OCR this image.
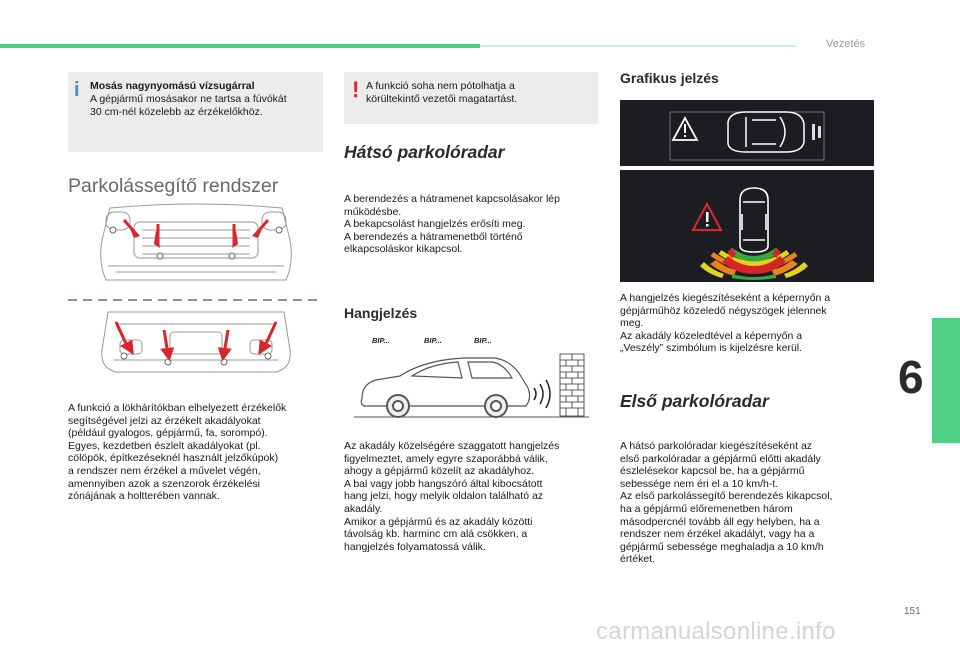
Vezetés
6
i Mosás nagynyomású vízsugárral
A gépjármű mosásakor ne tartsa a fúvókát
30 cm-nél közelebb az érzékelőkhöz.
Parkolássegítő rendszer
A funkció a lökhárítókban elhelyezett érzékelők
segítségével jelzi az érzékelt akadályokat
(például gyalogos, gépjármű, fa, sorompó).
Egyes, kezdetben észlelt akadályokat (pl.
cölöpök, építkezéseknél használt jelzőkúpok)
a rendszer nem érzékel a művelet végén,
amennyiben azok a szenzorok érzékelési
zónájának a holtterében vannak.
! A funkció soha nem pótolhatja a
körültekintő vezetői magatartást.
Hátsó parkolóradar
A berendezés a hátramenet kapcsolásakor lép
működésbe.
A bekapcsolást hangjelzés erősíti meg.
A berendezés a hátramenetből történő
elkapcsoláskor kikapcsol.
Hangjelzés
BIP...	BIP...	BIP...
Az akadály közelségére szaggatott hangjelzés
figyelmeztet, amely egyre szaporábbá válik,
ahogy a gépjármű közelít az akadályhoz.
A bal vagy jobb hangszóró által kibocsátott
hang jelzi, hogy melyik oldalon található az
akadály.
Amikor a gépjármű és az akadály közötti
távolság kb. harminc cm alá csökken, a
hangjelzés folyamatossá válik.
Grafikus jelzés
A hangjelzés kiegészítéseként a képernyőn a
gépjárműhöz közeledő négyszögek jelennek
meg.
Az akadály közeledtével a képernyőn a
„Veszély” szimbólum is kijelzésre kerül.
Első parkolóradar
A hátsó parkolóradar kiegészítéseként az
első parkolóradar a gépjármű előtti akadály
észlelésekor kapcsol be, ha a gépjármű
sebessége nem éri el a 10 km/h-t.
Az első parkolássegítő berendezés kikapcsol,
ha a gépjármű előremenetben három
másodpercnél tovább áll egy helyben, ha a
rendszer nem érzékel akadályt, vagy ha a
gépjármű sebessége meghaladja a 10 km/h
értéket.
151
carmanualsonline.info
